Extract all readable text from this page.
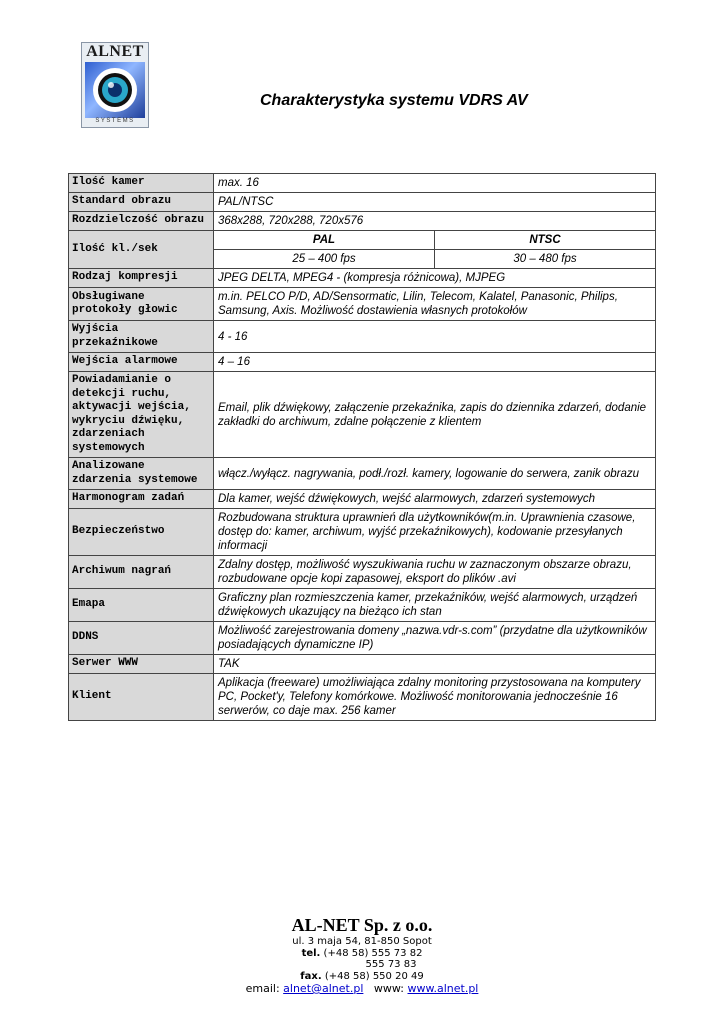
ALNET
SYSTEMS
Charakterystyka systemu VDRS AV
Ilość kamer	max. 16
Standard obrazu	PAL/NTSC
Rozdzielczość obrazu	368x288, 720x288, 720x576
Ilość kl./sek	
PAL	NTSC
25 – 400 fps	30 – 480 fps

Rodzaj kompresji	JPEG DELTA, MPEG4 - (kompresja różnicowa), MJPEG
Obsługiwane protokoły głowic	m.in. PELCO P/D, AD/Sensormatic, Lilin, Telecom, Kalatel, Panasonic, Philips, Samsung, Axis. Możliwość dostawienia własnych protokołów
Wyjścia przekaźnikowe	4 - 16
Wejścia alarmowe	4 – 16
Powiadamianie o detekcji ruchu, aktywacji wejścia, wykryciu dźwięku, zdarzeniach systemowych	Email, plik dźwiękowy, załączenie przekaźnika, zapis do dziennika zdarzeń, dodanie zakładki do archiwum, zdalne połączenie z klientem
Analizowane zdarzenia systemowe	włącz./wyłącz. nagrywania, podł./rozł. kamery, logowanie do serwera, zanik obrazu
Harmonogram zadań	Dla kamer, wejść dźwiękowych, wejść alarmowych, zdarzeń systemowych
Bezpieczeństwo	Rozbudowana struktura uprawnień dla użytkowników(m.in. Uprawnienia czasowe, dostęp do: kamer, archiwum, wyjść przekaźnikowych), kodowanie przesyłanych informacji
Archiwum nagrań	Zdalny dostęp, możliwość wyszukiwania ruchu w zaznaczonym obszarze obrazu, rozbudowane opcje kopi zapasowej, eksport do plików .avi
Emapa	Graficzny plan rozmieszczenia kamer, przekaźników, wejść alarmowych, urządzeń dźwiękowych ukazujący na bieżąco ich stan
DDNS	Możliwość zarejestrowania domeny „nazwa.vdr-s.com” (przydatne dla użytkowników posiadających dynamiczne IP)
Serwer WWW	TAK
Klient	Aplikacja (freeware) umożliwiająca zdalny monitoring przystosowana na komputery PC, Pocket'y, Telefony komórkowe. Możliwość monitorowania jednocześnie 16 serwerów, co daje max. 256 kamer
AL-NET Sp. z o.o.
ul. 3 maja 54, 81-850 Sopot
tel. (+48 58) 555 73 82
555 73 83
fax. (+48 58) 550 20 49
email: alnet@alnet.pl www: www.alnet.pl
